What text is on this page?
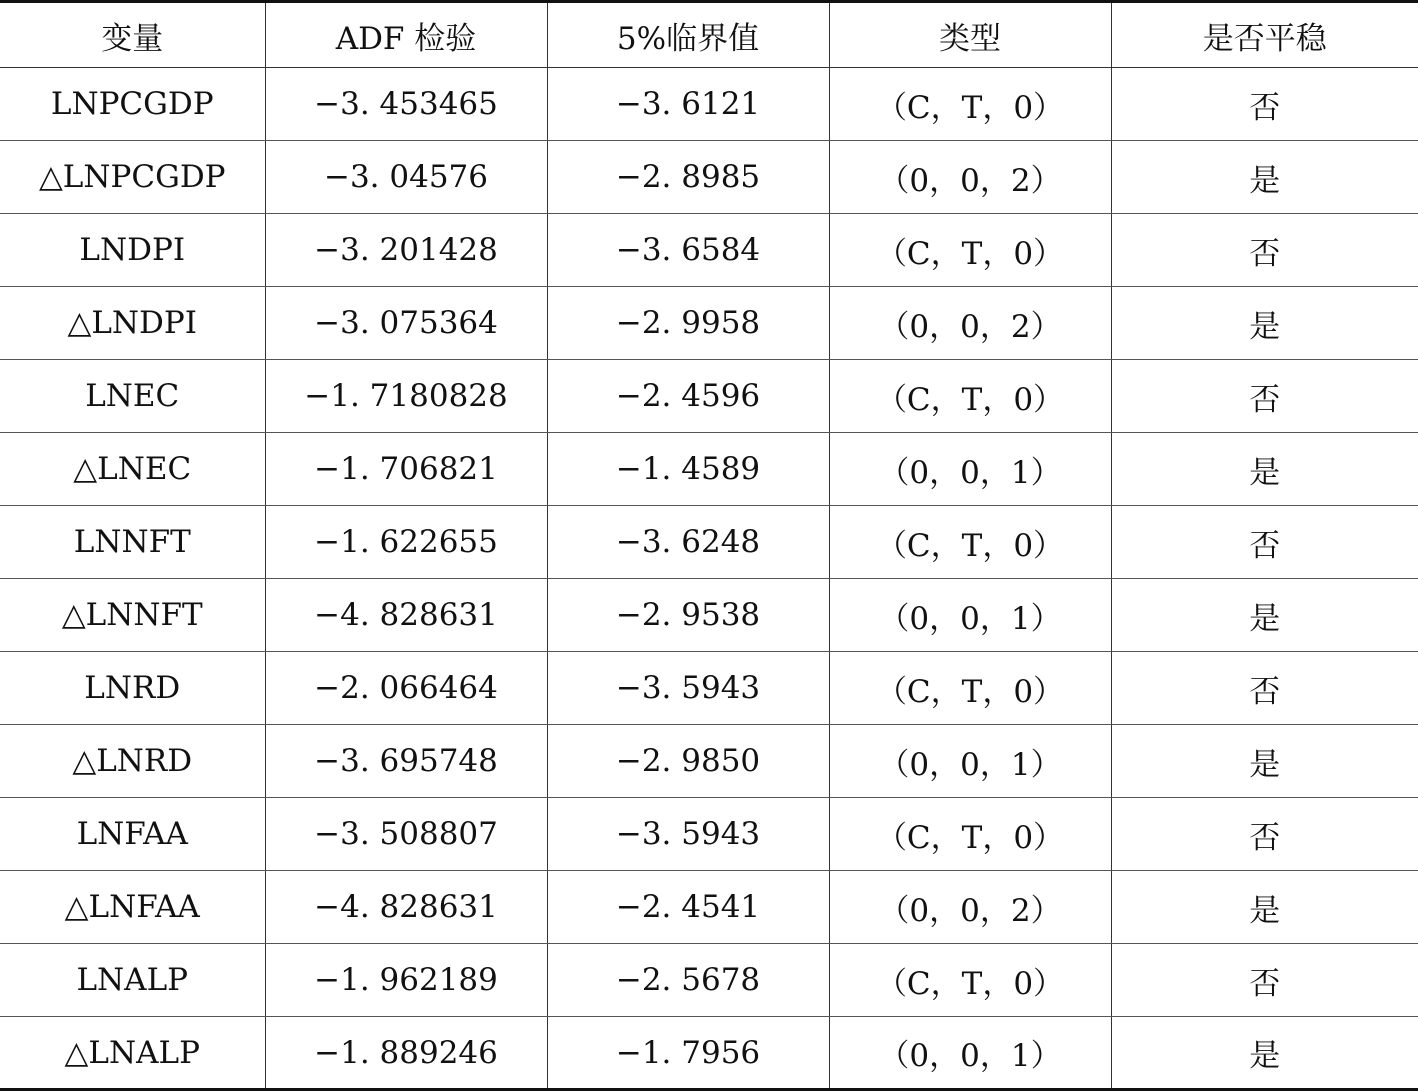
变量	ADF 检验	5%临界值	类型	是否平稳
LNPCGDP	−3. 453465	−3. 6121	（C，T，0）	否
△LNPCGDP	−3. 04576	−2. 8985	（0，0，2）	是
LNDPI	−3. 201428	−3. 6584	（C，T，0）	否
△LNDPI	−3. 075364	−2. 9958	（0，0，2）	是
LNEC	−1. 7180828	−2. 4596	（C，T，0）	否
△LNEC	−1. 706821	−1. 4589	（0，0，1）	是
LNNFT	−1. 622655	−3. 6248	（C，T，0）	否
△LNNFT	−4. 828631	−2. 9538	（0，0，1）	是
LNRD	−2. 066464	−3. 5943	（C，T，0）	否
△LNRD	−3. 695748	−2. 9850	（0，0，1）	是
LNFAA	−3. 508807	−3. 5943	（C，T，0）	否
△LNFAA	−4. 828631	−2. 4541	（0，0，2）	是
LNALP	−1. 962189	−2. 5678	（C，T，0）	否
△LNALP	−1. 889246	−1. 7956	（0，0，1）	是
